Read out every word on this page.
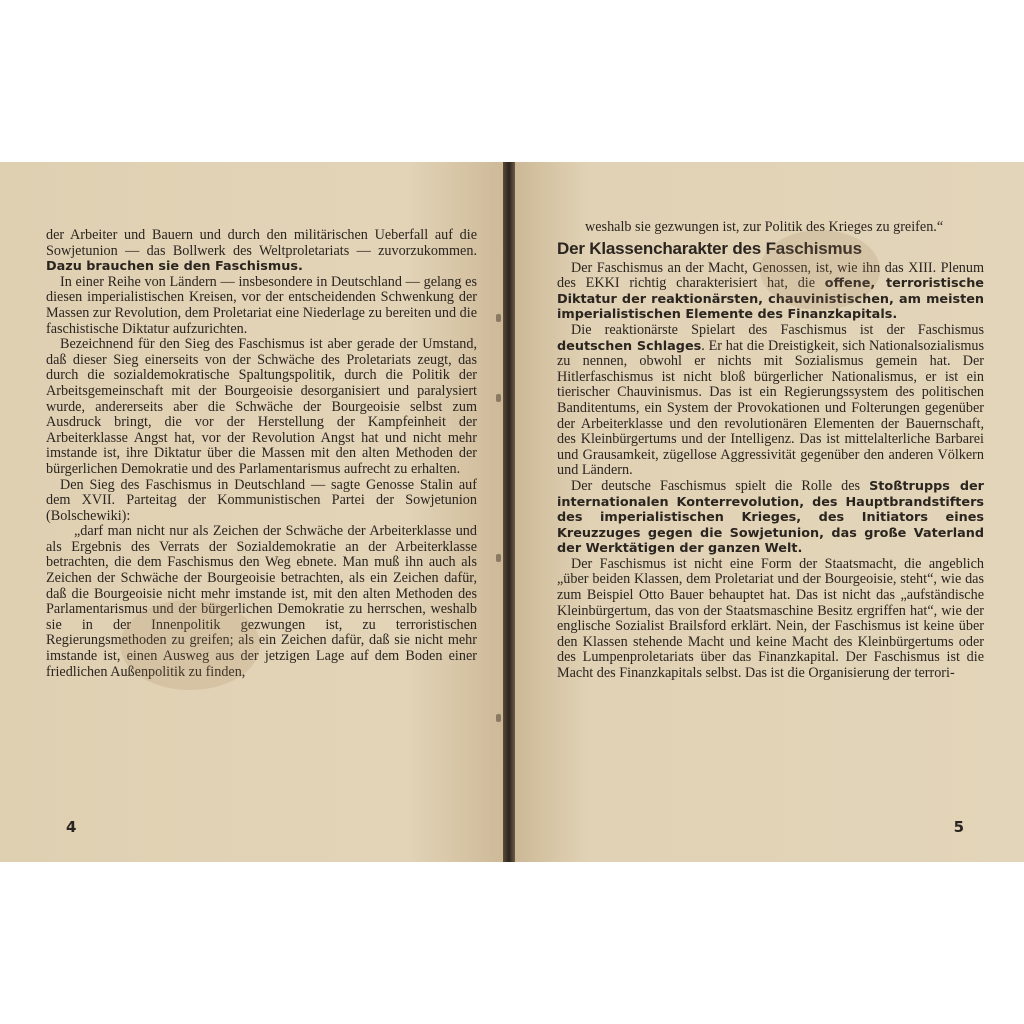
der Arbeiter und Bauern und durch den militärischen Ueberfall auf die Sowjetunion — das Bollwerk des Weltproletariats — zuvorzukommen. Dazu brauchen sie den Faschismus.

In einer Reihe von Ländern — insbesondere in Deutschland — gelang es diesen imperialistischen Kreisen, vor der entscheidenden Schwenkung der Massen zur Revolution, dem Proletariat eine Niederlage zu bereiten und die faschistische Diktatur aufzurichten.

Bezeichnend für den Sieg des Faschismus ist aber gerade der Umstand, daß dieser Sieg einerseits von der Schwäche des Proletariats zeugt, das durch die sozialdemokratische Spaltungspolitik, durch die Politik der Arbeitsgemeinschaft mit der Bourgeoisie desorganisiert und paralysiert wurde, andererseits aber die Schwäche der Bourgeoisie selbst zum Ausdruck bringt, die vor der Herstellung der Kampfeinheit der Arbeiterklasse Angst hat, vor der Revolution Angst hat und nicht mehr imstande ist, ihre Diktatur über die Massen mit den alten Methoden der bürgerlichen Demokratie und des Parlamentarismus aufrecht zu erhalten.

Den Sieg des Faschismus in Deutschland — sagte Genosse Stalin auf dem XVII. Parteitag der Kommunistischen Partei der Sowjetunion (Bolschewiki):

„darf man nicht nur als Zeichen der Schwäche der Arbeiterklasse und als Ergebnis des Verrats der Sozialdemokratie an der Arbeiterklasse betrachten, die dem Faschismus den Weg ebnete. Man muß ihn auch als Zeichen der Schwäche der Bourgeoisie betrachten, als ein Zeichen dafür, daß die Bourgeoisie nicht mehr imstande ist, mit den alten Methoden des Parlamentarismus und der bürgerlichen Demokratie zu herrschen, weshalb sie in der Innenpolitik gezwungen ist, zu terroristischen Regierungsmethoden zu greifen; als ein Zeichen dafür, daß sie nicht mehr imstande ist, einen Ausweg aus der jetzigen Lage auf dem Boden einer friedlichen Außenpolitik zu finden,

4

weshalb sie gezwungen ist, zur Politik des Krieges zu greifen.“

Der Klassencharakter des Faschismus

Der Faschismus an der Macht, Genossen, ist, wie ihn das XIII. Plenum des EKKI richtig charakterisiert hat, die offene, terroristische Diktatur der reaktionärsten, chauvinistischen, am meisten imperialistischen Elemente des Finanzkapitals.

Die reaktionärste Spielart des Faschismus ist der Faschismus deutschen Schlages. Er hat die Dreistigkeit, sich Nationalsozialismus zu nennen, obwohl er nichts mit Sozialismus gemein hat. Der Hitlerfaschismus ist nicht bloß bürgerlicher Nationalismus, er ist ein tierischer Chauvinismus. Das ist ein Regierungssystem des politischen Banditentums, ein System der Provokationen und Folterungen gegenüber der Arbeiterklasse und den revolutionären Elementen der Bauernschaft, des Kleinbürgertums und der Intelligenz. Das ist mittelalterliche Barbarei und Grausamkeit, zügellose Aggressivität gegenüber den anderen Völkern und Ländern.

Der deutsche Faschismus spielt die Rolle des Stoßtrupps der internationalen Konterrevolution, des Hauptbrandstifters des imperialistischen Krieges, des Initiators eines Kreuzzuges gegen die Sowjetunion, das große Vaterland der Werktätigen der ganzen Welt.

Der Faschismus ist nicht eine Form der Staatsmacht, die angeblich „über beiden Klassen, dem Proletariat und der Bourgeoisie, steht“, wie das zum Beispiel Otto Bauer behauptet hat. Das ist nicht das „aufständische Kleinbürgertum, das von der Staatsmaschine Besitz ergriffen hat“, wie der englische Sozialist Brailsford erklärt. Nein, der Faschismus ist keine über den Klassen stehende Macht und keine Macht des Kleinbürgertums oder des Lumpenproletariats über das Finanzkapital. Der Faschismus ist die Macht des Finanzkapitals selbst. Das ist die Organisierung der terrori-

5
